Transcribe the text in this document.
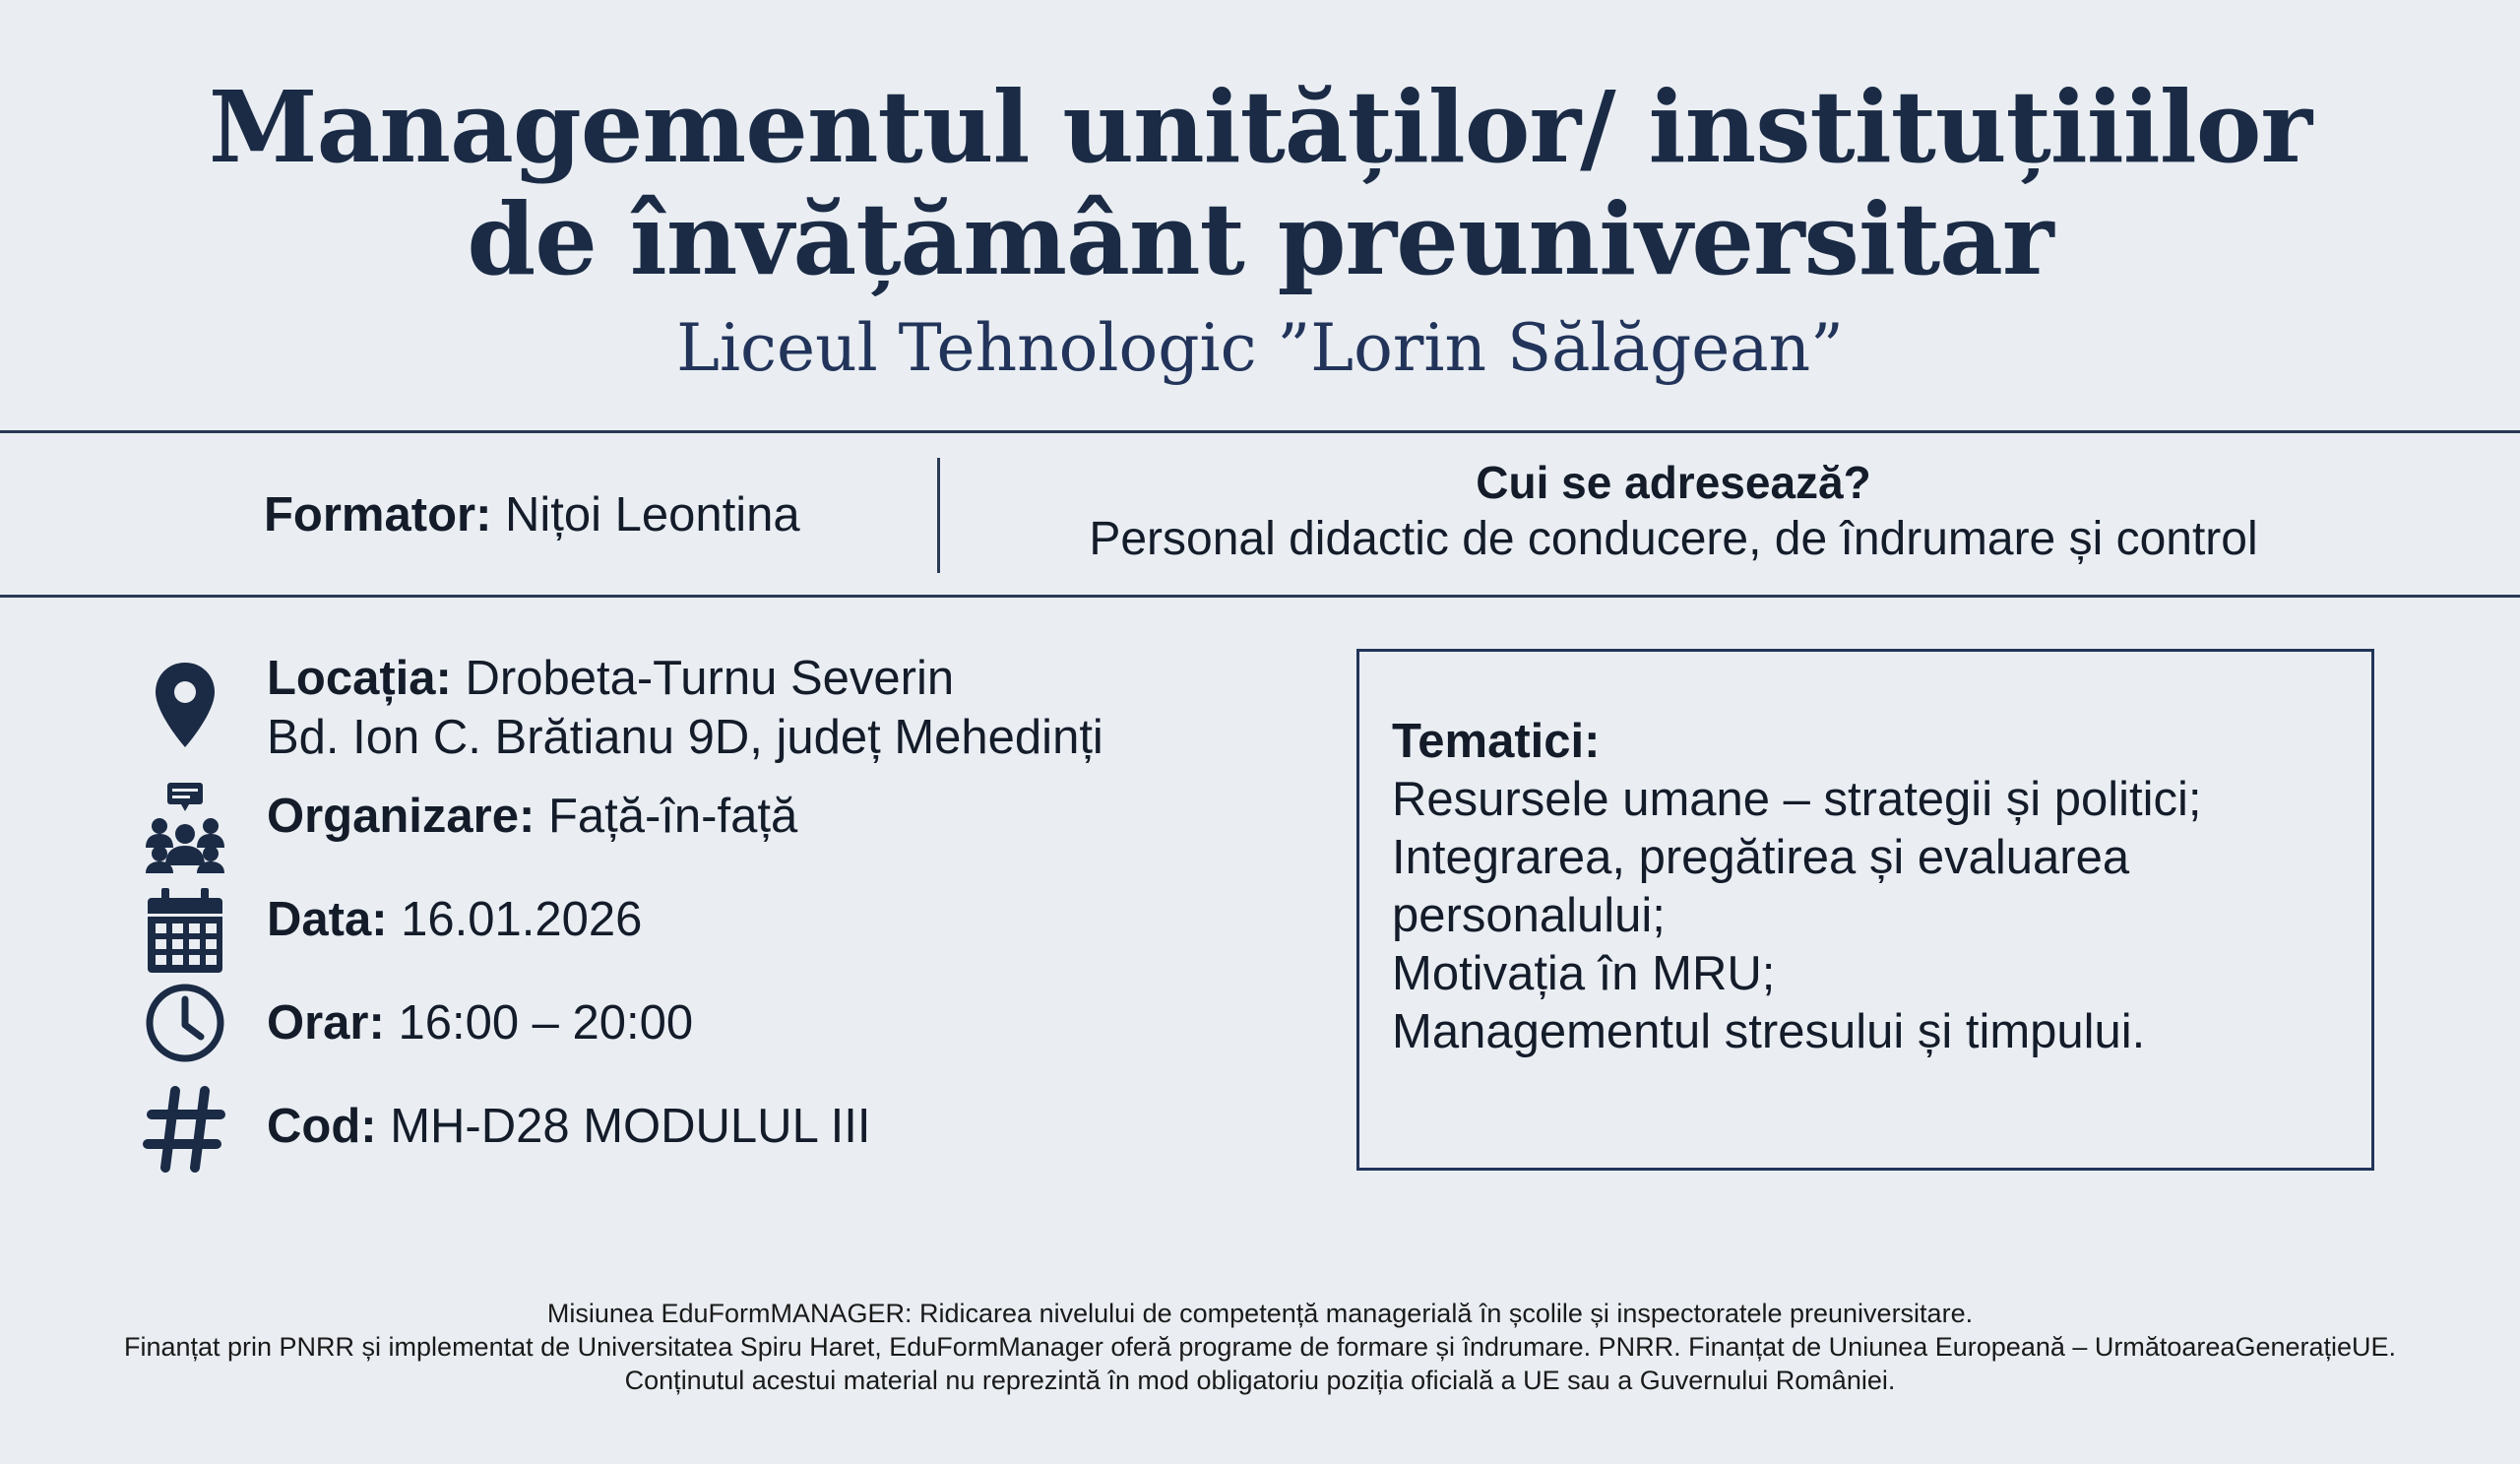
Managementul unităților/ instituțiiilor
de învățământ preuniversitar
Liceul Tehnologic ”Lorin Sălăgean”
Formator: Nițoi Leontina
Cui se adresează?
Personal didactic de conducere, de îndrumare și control
Locația: Drobeta-Turnu Severin
Bd. Ion C. Brătianu 9D, județ Mehedinți
Organizare: Față-în-față
Data: 16.01.2026
Orar: 16:00 – 20:00
Cod: MH-D28 MODULUL III
Tematici:
Resursele umane – strategii și politici;
Integrarea, pregătirea și evaluarea
personalului;
Motivația în MRU;
Managementul stresului și timpului.
Misiunea EduFormMANAGER: Ridicarea nivelului de competență managerială în școlile și inspectoratele preuniversitare.
Finanțat prin PNRR și implementat de Universitatea Spiru Haret, EduFormManager oferă programe de formare și îndrumare. PNRR. Finanțat de Uniunea Europeană – UrmătoareaGenerațieUE.
Conținutul acestui material nu reprezintă în mod obligatoriu poziția oficială a UE sau a Guvernului României.
